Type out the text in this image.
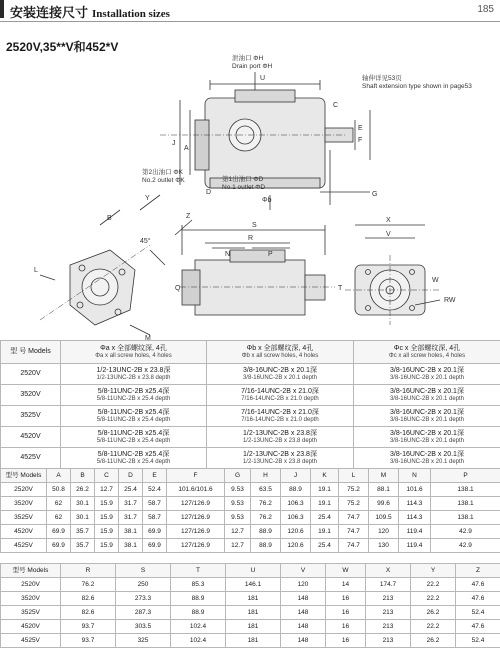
安装连接尺寸 Installation sizes	185
2520V,35**V和452*V
泄油口 ΦH
Drain port ΦH
轴伸详见53页
Shaft extension type shown in page53
第2出油口 ΦK
No.2 outlet ΦK	第1出油口 ΦD
No.1 outlet ΦD
Φb
J
A
E
F
G
U
C
Y
Z
B
45°
L
M
S
R
N	P
Q
X
V
RW
W
T
D
型 号 Models	Φa x 全部螺纹深, 4孔
Φa x all screw holes, 4 holes	Φb x 全部螺纹深, 4孔
Φb x all screw holes, 4 holes	Φc x 全部螺纹深, 4孔
Φc x all screw holes, 4 holes

2520V	1/2-13UNC-2B x 23.8深
1/2-13UNC-2B x 23.8 depth	3/8-16UNC-2B x 20.1深
3/8-16UNC-2B x 20.1 depth	3/8-16UNC-2B x 20.1深
3/8-16UNC-2B x 20.1 depth

3520V	5/8-11UNC-2B x25.4深
5/8-11UNC-2B x 25.4 depth	7/16-14UNC-2B x 21.0深
7/16-14UNC-2B x 21.0 depth	3/8-16UNC-2B x 20.1深
3/8-16UNC-2B x 20.1 depth

3525V	5/8-11UNC-2B x25.4深
5/8-11UNC-2B x 25.4 depth	7/16-14UNC-2B x 21.0深
7/16-14UNC-2B x 21.0 depth	3/8-16UNC-2B x 20.1深
3/8-16UNC-2B x 20.1 depth

4520V	5/8-11UNC-2B x25.4深
5/8-11UNC-2B x 25.4 depth	1/2-13UNC-2B x 23.8深
1/2-13UNC-2B x 23.8 depth	3/8-16UNC-2B x 20.1深
3/8-16UNC-2B x 20.1 depth

4525V	5/8-11UNC-2B x25.4深
5/8-11UNC-2B x 25.4 depth	1/2-13UNC-2B x 23.8深
1/2-13UNC-2B x 23.8 depth	3/8-16UNC-2B x 20.1深
3/8-16UNC-2B x 20.1 depth
型号 Models	A	B	C	D	E	F	G	H	J	K	L	M	N	P
2520V	50.8	26.2	12.7	25.4	52.4	101.6/101.6	9.53	63.5	88.9	19.1	75.2	88.1	101.6	138.1
3520V	62	30.1	15.9	31.7	58.7	127/126.9	9.53	76.2	106.3	19.1	75.2	99.6	114.3	138.1
3525V	62	30.1	15.9	31.7	58.7	127/126.9	9.53	76.2	106.3	25.4	74.7	109.5	114.3	138.1
4520V	69.9	35.7	15.9	38.1	69.9	127/126.9	12.7	88.9	120.6	19.1	74.7	120	119.4	42.9
4525V	69.9	35.7	15.9	38.1	69.9	127/126.9	12.7	88.9	120.6	25.4	74.7	130	119.4	42.9
型号 Models	R	S	T	U	V	W	X	Y	Z
2520V	76.2	250	85.3	146.1	120	14	174.7	22.2	47.6
3520V	82.6	273.3	88.9	181	148	16	213	22.2	47.6
3525V	82.6	287.3	88.9	181	148	16	213	26.2	52.4
4520V	93.7	303.5	102.4	181	148	16	213	22.2	47.6
4525V	93.7	325	102.4	181	148	16	213	26.2	52.4
